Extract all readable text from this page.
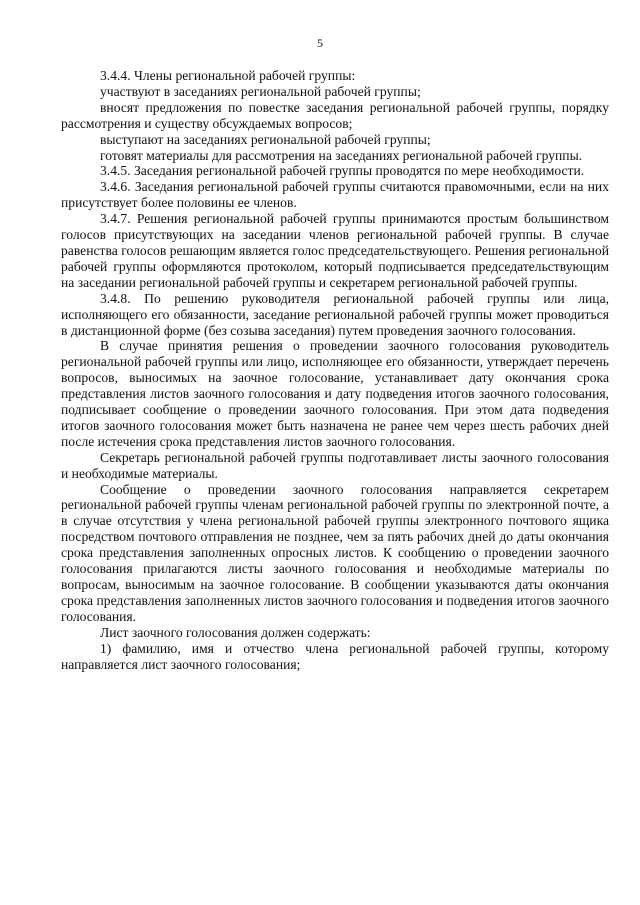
5

3.4.4. Члены региональной рабочей группы:

участвуют в заседаниях региональной рабочей группы;

вносят предложения по повестке заседания региональной рабочей группы, порядку рассмотрения и существу обсуждаемых вопросов;

выступают на заседаниях региональной рабочей группы;

готовят материалы для рассмотрения на заседаниях региональной рабочей группы.

3.4.5. Заседания региональной рабочей группы проводятся по мере необходимости.

3.4.6. Заседания региональной рабочей группы считаются правомочными, если на них присутствует более половины ее членов.

3.4.7. Решения региональной рабочей группы принимаются простым большинством голосов присутствующих на заседании членов региональной рабочей группы. В случае равенства голосов решающим является голос председательствующего. Решения региональной рабочей группы оформляются протоколом, который подписывается председательствующим на заседании региональной рабочей группы и секретарем региональной рабочей группы.

3.4.8. По решению руководителя региональной рабочей группы или лица, исполняющего его обязанности, заседание региональной рабочей группы может проводиться в дистанционной форме (без созыва заседания) путем проведения заочного голосования.

В случае принятия решения о проведении заочного голосования руководитель региональной рабочей группы или лицо, исполняющее его обязанности, утверждает перечень вопросов, выносимых на заочное голосование, устанавливает дату окончания срока представления листов заочного голосования и дату подведения итогов заочного голосования, подписывает сообщение о проведении заочного голосования. При этом дата подведения итогов заочного голосования может быть назначена не ранее чем через шесть рабочих дней после истечения срока представления листов заочного голосования.

Секретарь региональной рабочей группы подготавливает листы заочного голосования и необходимые материалы.

Сообщение о проведении заочного голосования направляется секретарем региональной рабочей группы членам региональной рабочей группы по электронной почте, а в случае отсутствия у члена региональной рабочей группы электронного почтового ящика посредством почтового отправления не позднее, чем за пять рабочих дней до даты окончания срока представления заполненных опросных листов. К сообщению о проведении заочного голосования прилагаются листы заочного голосования и необходимые материалы по вопросам, выносимым на заочное голосование. В сообщении указываются даты окончания срока представления заполненных листов заочного голосования и подведения итогов заочного голосования.

Лист заочного голосования должен содержать:

1) фамилию, имя и отчество члена региональной рабочей группы, которому направляется лист заочного голосования;
